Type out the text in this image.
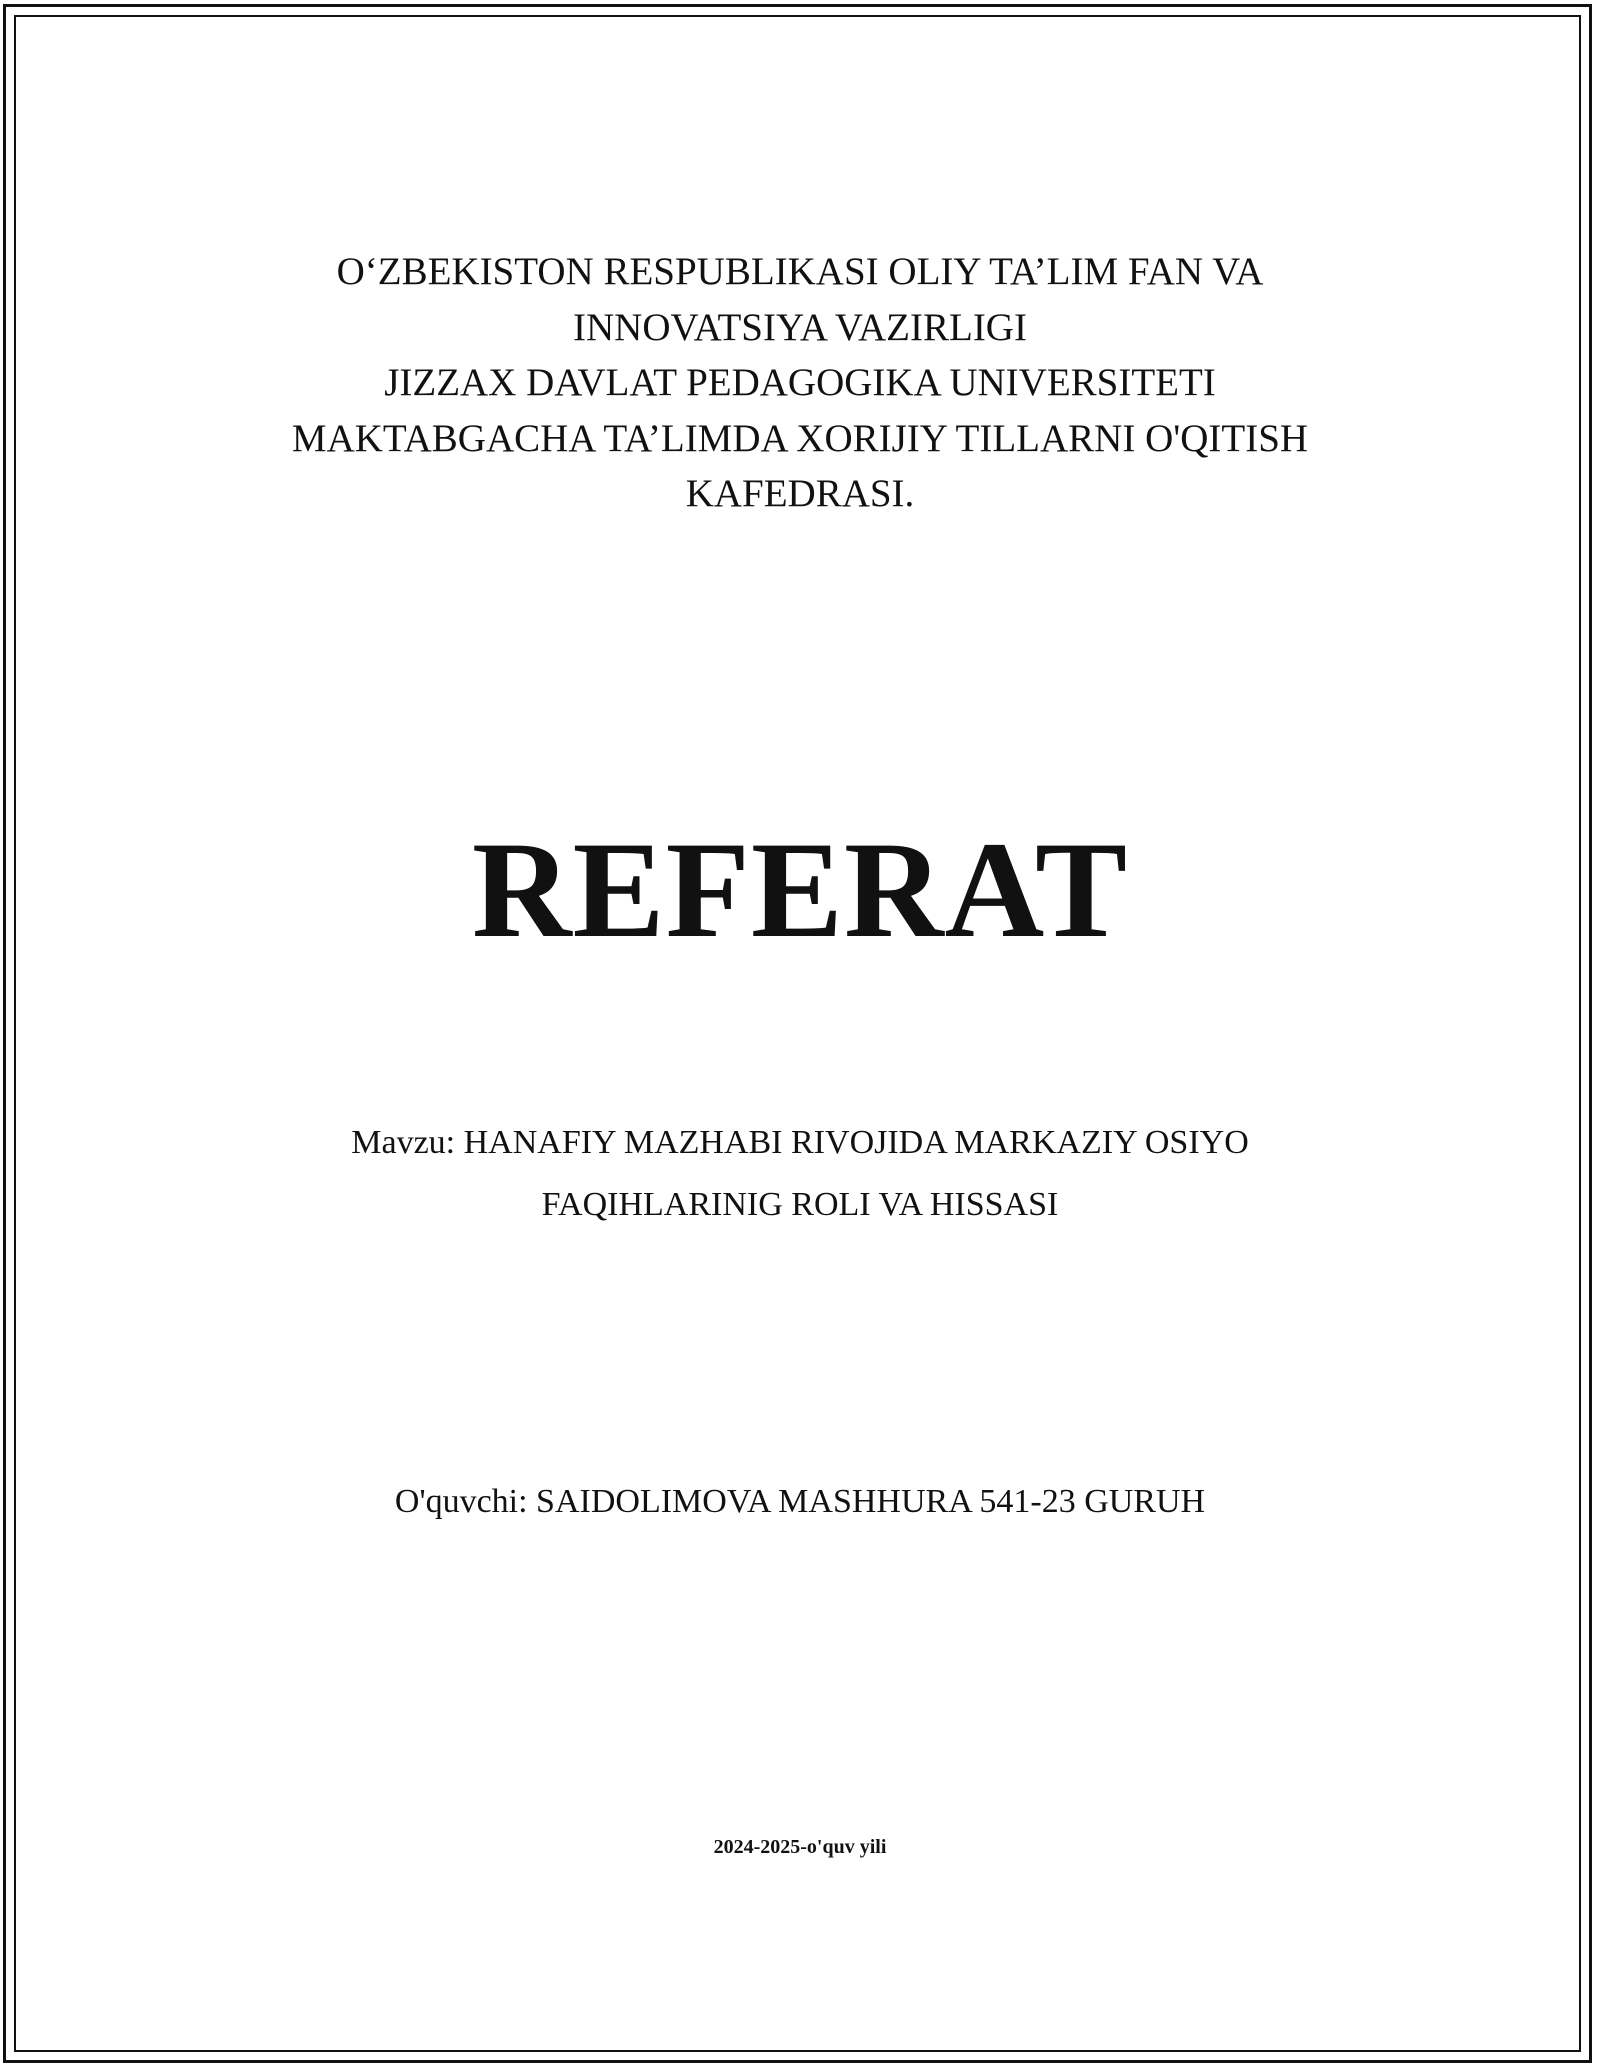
O‘ZBEKISTON RESPUBLIKASI OLIY TA’LIM FAN VA
INNOVATSIYA VAZIRLIGI
JIZZAX DAVLAT PEDAGOGIKA UNIVERSITETI
MAKTABGACHA TA’LIMDA XORIJIY TILLARNI O'QITISH
KAFEDRASI.
REFERAT
Mavzu: HANAFIY MAZHABI RIVOJIDA MARKAZIY OSIYO
FAQIHLARINIG ROLI VA HISSASI
O'quvchi: SAIDOLIMOVA MASHHURA 541-23 GURUH
2024-2025-o'quv yili
